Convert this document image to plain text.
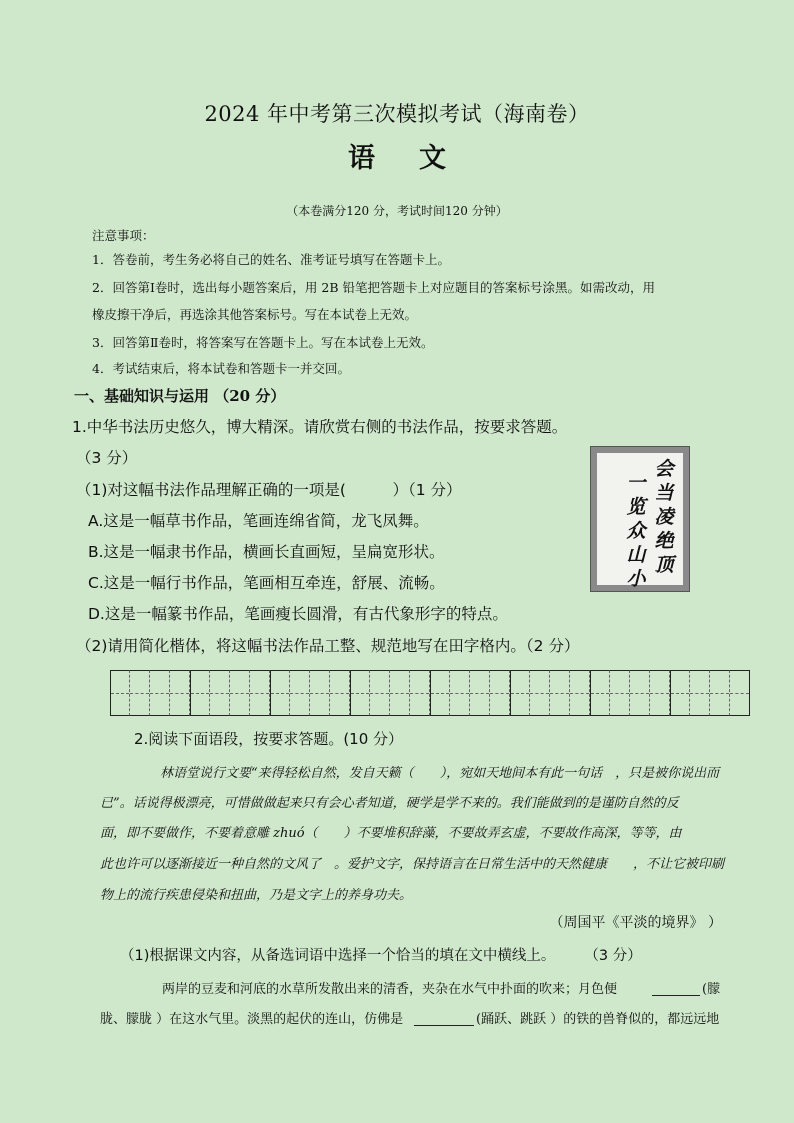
2024 年中考第三次模拟考试（海南卷）
语 文
（本卷满分120 分，考试时间120 分钟）
注意事项：
1．答卷前，考生务必将自己的姓名、准考证号填写在答题卡上。
2．回答第Ⅰ卷时，选出每小题答案后，用 2B 铅笔把答题卡上对应题目的答案标号涂黑。如需改动，用
橡皮擦干净后，再选涂其他答案标号。写在本试卷上无效。
3．回答第Ⅱ卷时，将答案写在答题卡上。写在本试卷上无效。
4．考试结束后，将本试卷和答题卡一并交回。
一、基础知识与运用 （20 分）
1.中华书法历史悠久，博大精深。请欣赏右侧的书法作品，按要求答题。
（3 分）
（1)对这幅书法作品理解正确的一项是(　　　）（1 分）
A.这是一幅草书作品，笔画连绵省简，龙飞凤舞。
B.这是一幅隶书作品，横画长直画短，呈扁宽形状。
C.这是一幅行书作品，笔画相互牵连，舒展、流畅。
D.这是一幅篆书作品，笔画瘦长圆滑，有古代象形字的特点。
会
当
凌
绝
顶
一
览
众
山
小
（2)请用简化楷体，将这幅书法作品工整、规范地写在田字格内。（2 分）
2.阅读下面语段，按要求答题。(10 分）
林语堂说行文要“来得轻松自然，发自天籁（　　），宛如天地间本有此一句话　，只是被你说出而
已”。话说得极漂亮，可惜做做起来只有会心者知道，硬学是学不来的。我们能做到的是谨防自然的反
面，即不要做作，不要着意雕 zhuó（　　）不要堆积辞藻，不要故弄玄虚，不要故作高深，等等，由
此也许可以逐渐接近一种自然的文风了　。爱护文字，保持语言在日常生活中的天然健康　　，不让它被印刷
物上的流行疾患侵染和扭曲，乃是文字上的养身功夫。
（周国平《平淡的境界》 ）
（1)根据课文内容，从备选词语中选择一个恰当的填在文中横线上。　　　（3 分）
两岸的豆麦和河底的水草所发散出来的清香，夹杂在水气中扑面的吹来；月色便	(朦
胧、朦胧 ）在这水气里。淡黑的起伏的连山，仿佛是	(踊跃、跳跃 ）的铁的兽脊似的，都远远地
